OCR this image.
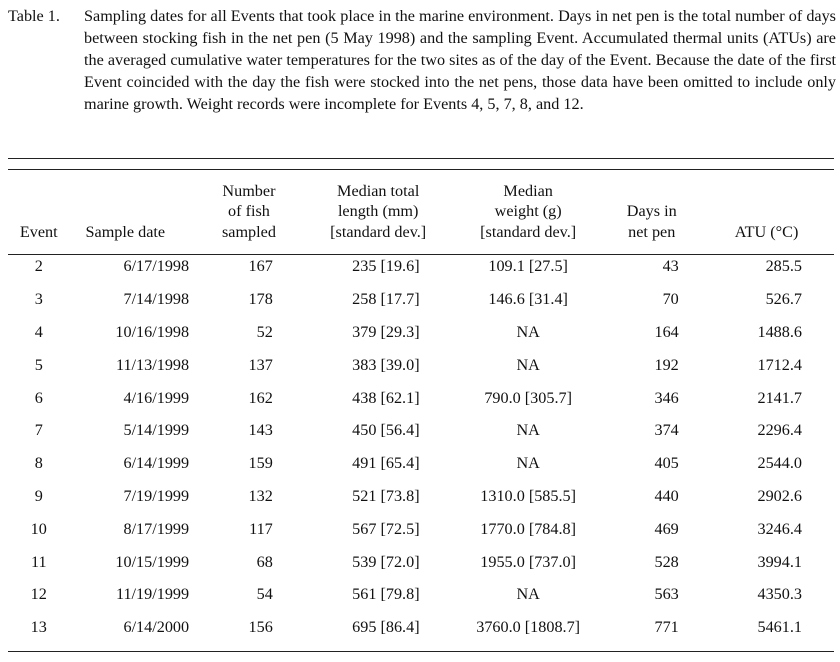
Table 1.	Sampling dates for all Events that took place in the marine environment. Days in net pen is the total number of days between stocking fish in the net pen (5 May 1998) and the sampling Event. Accumulated thermal units (ATUs) are the averaged cumulative water temperatures for the two sites as of the day of the Event. Because the date of the first Event coincided with the day the fish were stocked into the net pens, those data have been omitted to include only marine growth. Weight records were incomplete for Events 4, 5, 7, 8, and 12.
Event	Sample date	Number
of fish
sampled	Median total
length (mm)
[standard dev.]	Median
weight (g)
[standard dev.]	Days in
net pen	ATU (°C)
2	6/17/1998	167	235 [19.6]	109.1 [27.5]	43	285.5
3	7/14/1998	178	258 [17.7]	146.6 [31.4]	70	526.7
4	10/16/1998	52	379 [29.3]	NA	164	1488.6
5	11/13/1998	137	383 [39.0]	NA	192	1712.4
6	4/16/1999	162	438 [62.1]	790.0 [305.7]	346	2141.7
7	5/14/1999	143	450 [56.4]	NA	374	2296.4
8	6/14/1999	159	491 [65.4]	NA	405	2544.0
9	7/19/1999	132	521 [73.8]	1310.0 [585.5]	440	2902.6
10	8/17/1999	117	567 [72.5]	1770.0 [784.8]	469	3246.4
11	10/15/1999	68	539 [72.0]	1955.0 [737.0]	528	3994.1
12	11/19/1999	54	561 [79.8]	NA	563	4350.3
13	6/14/2000	156	695 [86.4]	3760.0 [1808.7]	771	5461.1
